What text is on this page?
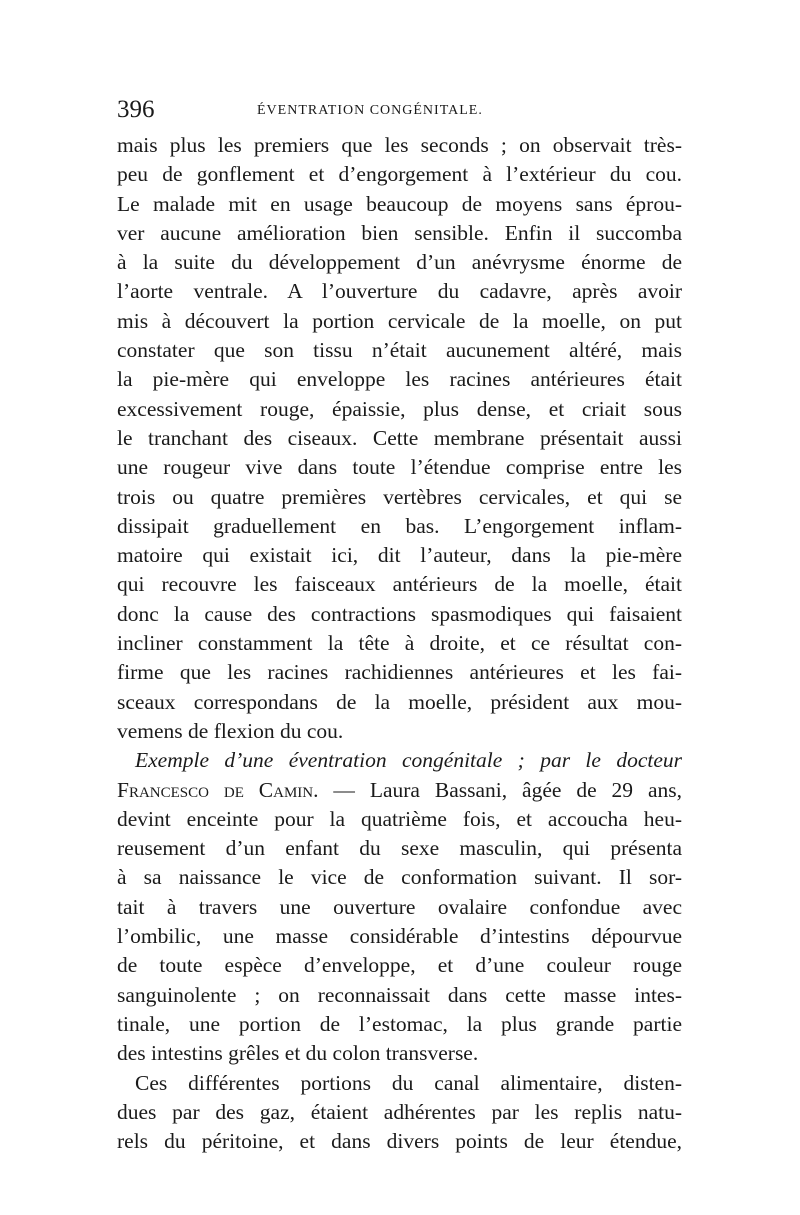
396	ÉVENTRATION CONGÉNITALE.
mais plus les premiers que les seconds ; on observait très-
peu de gonflement et d’engorgement à l’extérieur du cou.
Le malade mit en usage beaucoup de moyens sans éprou-
ver aucune amélioration bien sensible. Enfin il succomba
à la suite du développement d’un anévrysme énorme de
l’aorte ventrale. A l’ouverture du cadavre, après avoir
mis à découvert la portion cervicale de la moelle, on put
constater que son tissu n’était aucunement altéré, mais
la pie-mère qui enveloppe les racines antérieures était
excessivement rouge, épaissie, plus dense, et criait sous
le tranchant des ciseaux. Cette membrane présentait aussi
une rougeur vive dans toute l’étendue comprise entre les
trois ou quatre premières vertèbres cervicales, et qui se
dissipait graduellement en bas. L’engorgement inflam-
matoire qui existait ici, dit l’auteur, dans la pie-mère
qui recouvre les faisceaux antérieurs de la moelle, était
donc la cause des contractions spasmodiques qui faisaient
incliner constamment la tête à droite, et ce résultat con-
firme que les racines rachidiennes antérieures et les fai-
sceaux correspondans de la moelle, président aux mou-
vemens de flexion du cou.
Exemple d’une éventration congénitale ; par le docteur
Francesco de Camin. — Laura Bassani, âgée de 29 ans,
devint enceinte pour la quatrième fois, et accoucha heu-
reusement d’un enfant du sexe masculin, qui présenta
à sa naissance le vice de conformation suivant. Il sor-
tait à travers une ouverture ovalaire confondue avec
l’ombilic, une masse considérable d’intestins dépourvue
de toute espèce d’enveloppe, et d’une couleur rouge
sanguinolente ; on reconnaissait dans cette masse intes-
tinale, une portion de l’estomac, la plus grande partie
des intestins grêles et du colon transverse.
Ces différentes portions du canal alimentaire, disten-
dues par des gaz, étaient adhérentes par les replis natu-
rels du péritoine, et dans divers points de leur étendue,
